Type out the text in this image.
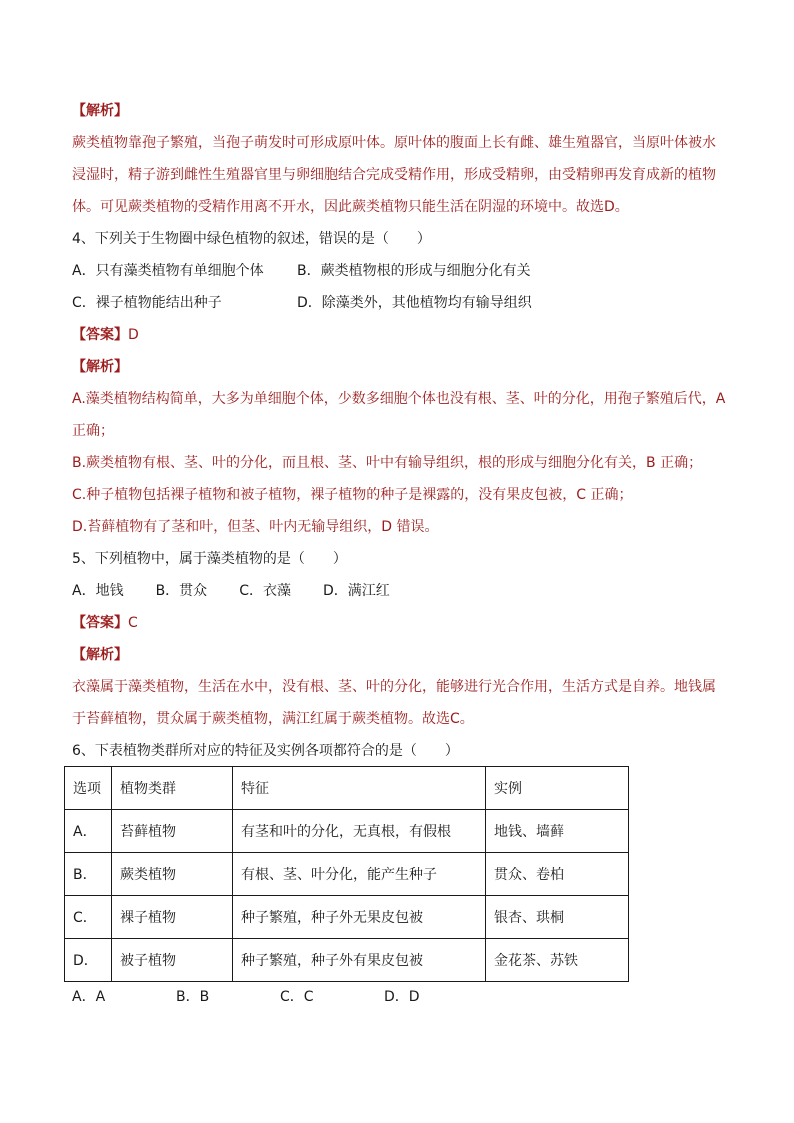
【解析】

蕨类植物靠孢子繁殖，当孢子萌发时可形成原叶体。原叶体的腹面上长有雌、雄生殖器官，当原叶体被水

浸湿时，精子游到雌性生殖器官里与卵细胞结合完成受精作用，形成受精卵，由受精卵再发育成新的植物

体。可见蕨类植物的受精作用离不开水，因此蕨类植物只能生活在阴湿的环境中。故选D。

4、下列关于生物圈中绿色植物的叙述，错误的是（　　）

A．只有藻类植物有单细胞个体	B．蕨类植物根的形成与细胞分化有关
C．裸子植物能结出种子	D．除藻类外，其他植物均有输导组织

【答案】D

【解析】

A.藻类植物结构简单，大多为单细胞个体，少数多细胞个体也没有根、茎、叶的分化，用孢子繁殖后代，A

正确；

B.蕨类植物有根、茎、叶的分化，而且根、茎、叶中有输导组织，根的形成与细胞分化有关，B 正确；

C.种子植物包括裸子植物和被子植物，裸子植物的种子是裸露的，没有果皮包被，C 正确；

D.苔藓植物有了茎和叶，但茎、叶内无输导组织，D 错误。

5、下列植物中，属于藻类植物的是（　　）

A．地钱 B．贯众 C．衣藻 D．满江红

【答案】C

【解析】

衣藻属于藻类植物，生活在水中，没有根、茎、叶的分化，能够进行光合作用，生活方式是自养。地钱属

于苔藓植物，贯众属于蕨类植物，满江红属于蕨类植物。故选C。

6、下表植物类群所对应的特征及实例各项都符合的是（　　）

选项	植物类群	特征	实例
A．	苔藓植物	有茎和叶的分化，无真根，有假根	地钱、墙藓
B．	蕨类植物	有根、茎、叶分化，能产生种子	贯众、卷柏
C．	裸子植物	种子繁殖，种子外无果皮包被	银杏、珙桐
D．	被子植物	种子繁殖，种子外有果皮包被	金花茶、苏铁
A．A	B．B	C．C	D．D
